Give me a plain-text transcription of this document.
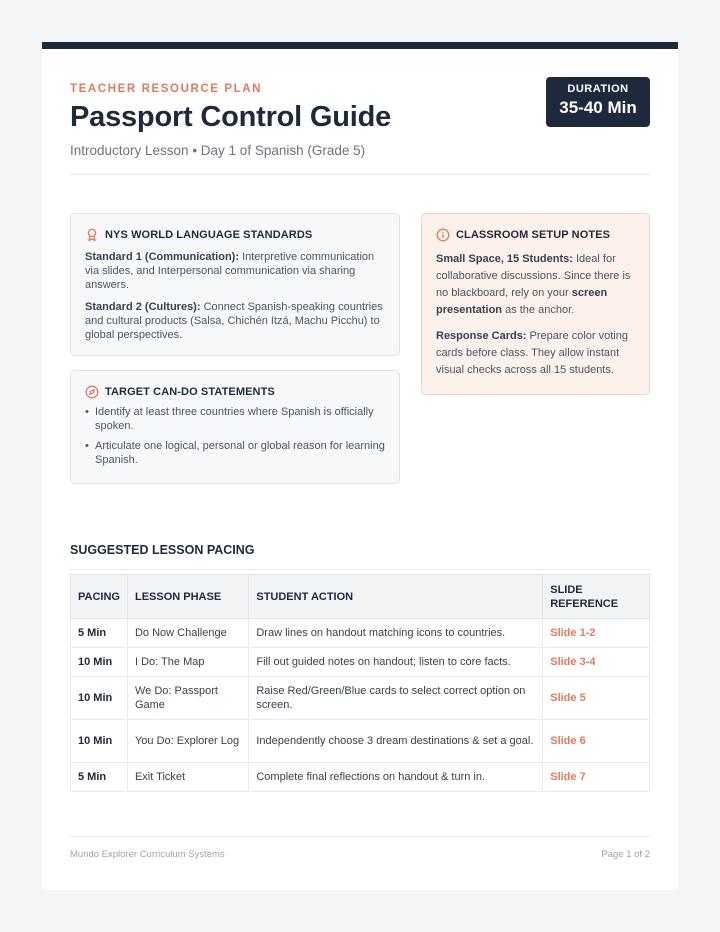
TEACHER RESOURCE PLAN
Passport Control Guide
Introductory Lesson • Day 1 of Spanish (Grade 5)
DURATION
35-40 Min
NYS WORLD LANGUAGE STANDARDS

Standard 1 (Communication): Interpretive communication via slides, and Interpersonal communication via sharing answers.

Standard 2 (Cultures): Connect Spanish-speaking countries and cultural products (Salsa, Chichén Itzá, Machu Picchu) to global perspectives.

TARGET CAN-DO STATEMENTS
• Identify at least three countries where Spanish is officially spoken.
• Articulate one logical, personal or global reason for learning Spanish.
CLASSROOM SETUP NOTES

Small Space, 15 Students: Ideal for collaborative discussions. Since there is no blackboard, rely on your screen presentation as the anchor.

Response Cards: Prepare color voting cards before class. They allow instant visual checks across all 15 students.

SUGGESTED LESSON PACING
PACING	LESSON PHASE	STUDENT ACTION	SLIDE REFERENCE
5 Min	Do Now Challenge	Draw lines on handout matching icons to countries.	Slide 1-2
10 Min	I Do: The Map	Fill out guided notes on handout; listen to core facts.	Slide 3-4
10 Min	We Do: Passport Game	Raise Red/Green/Blue cards to select correct option on screen.	Slide 5
10 Min	You Do: Explorer Log	Independently choose 3 dream destinations & set a goal.	Slide 6
5 Min	Exit Ticket	Complete final reflections on handout & turn in.	Slide 7
Mundo Explorer Curriculum Systems	Page 1 of 2
